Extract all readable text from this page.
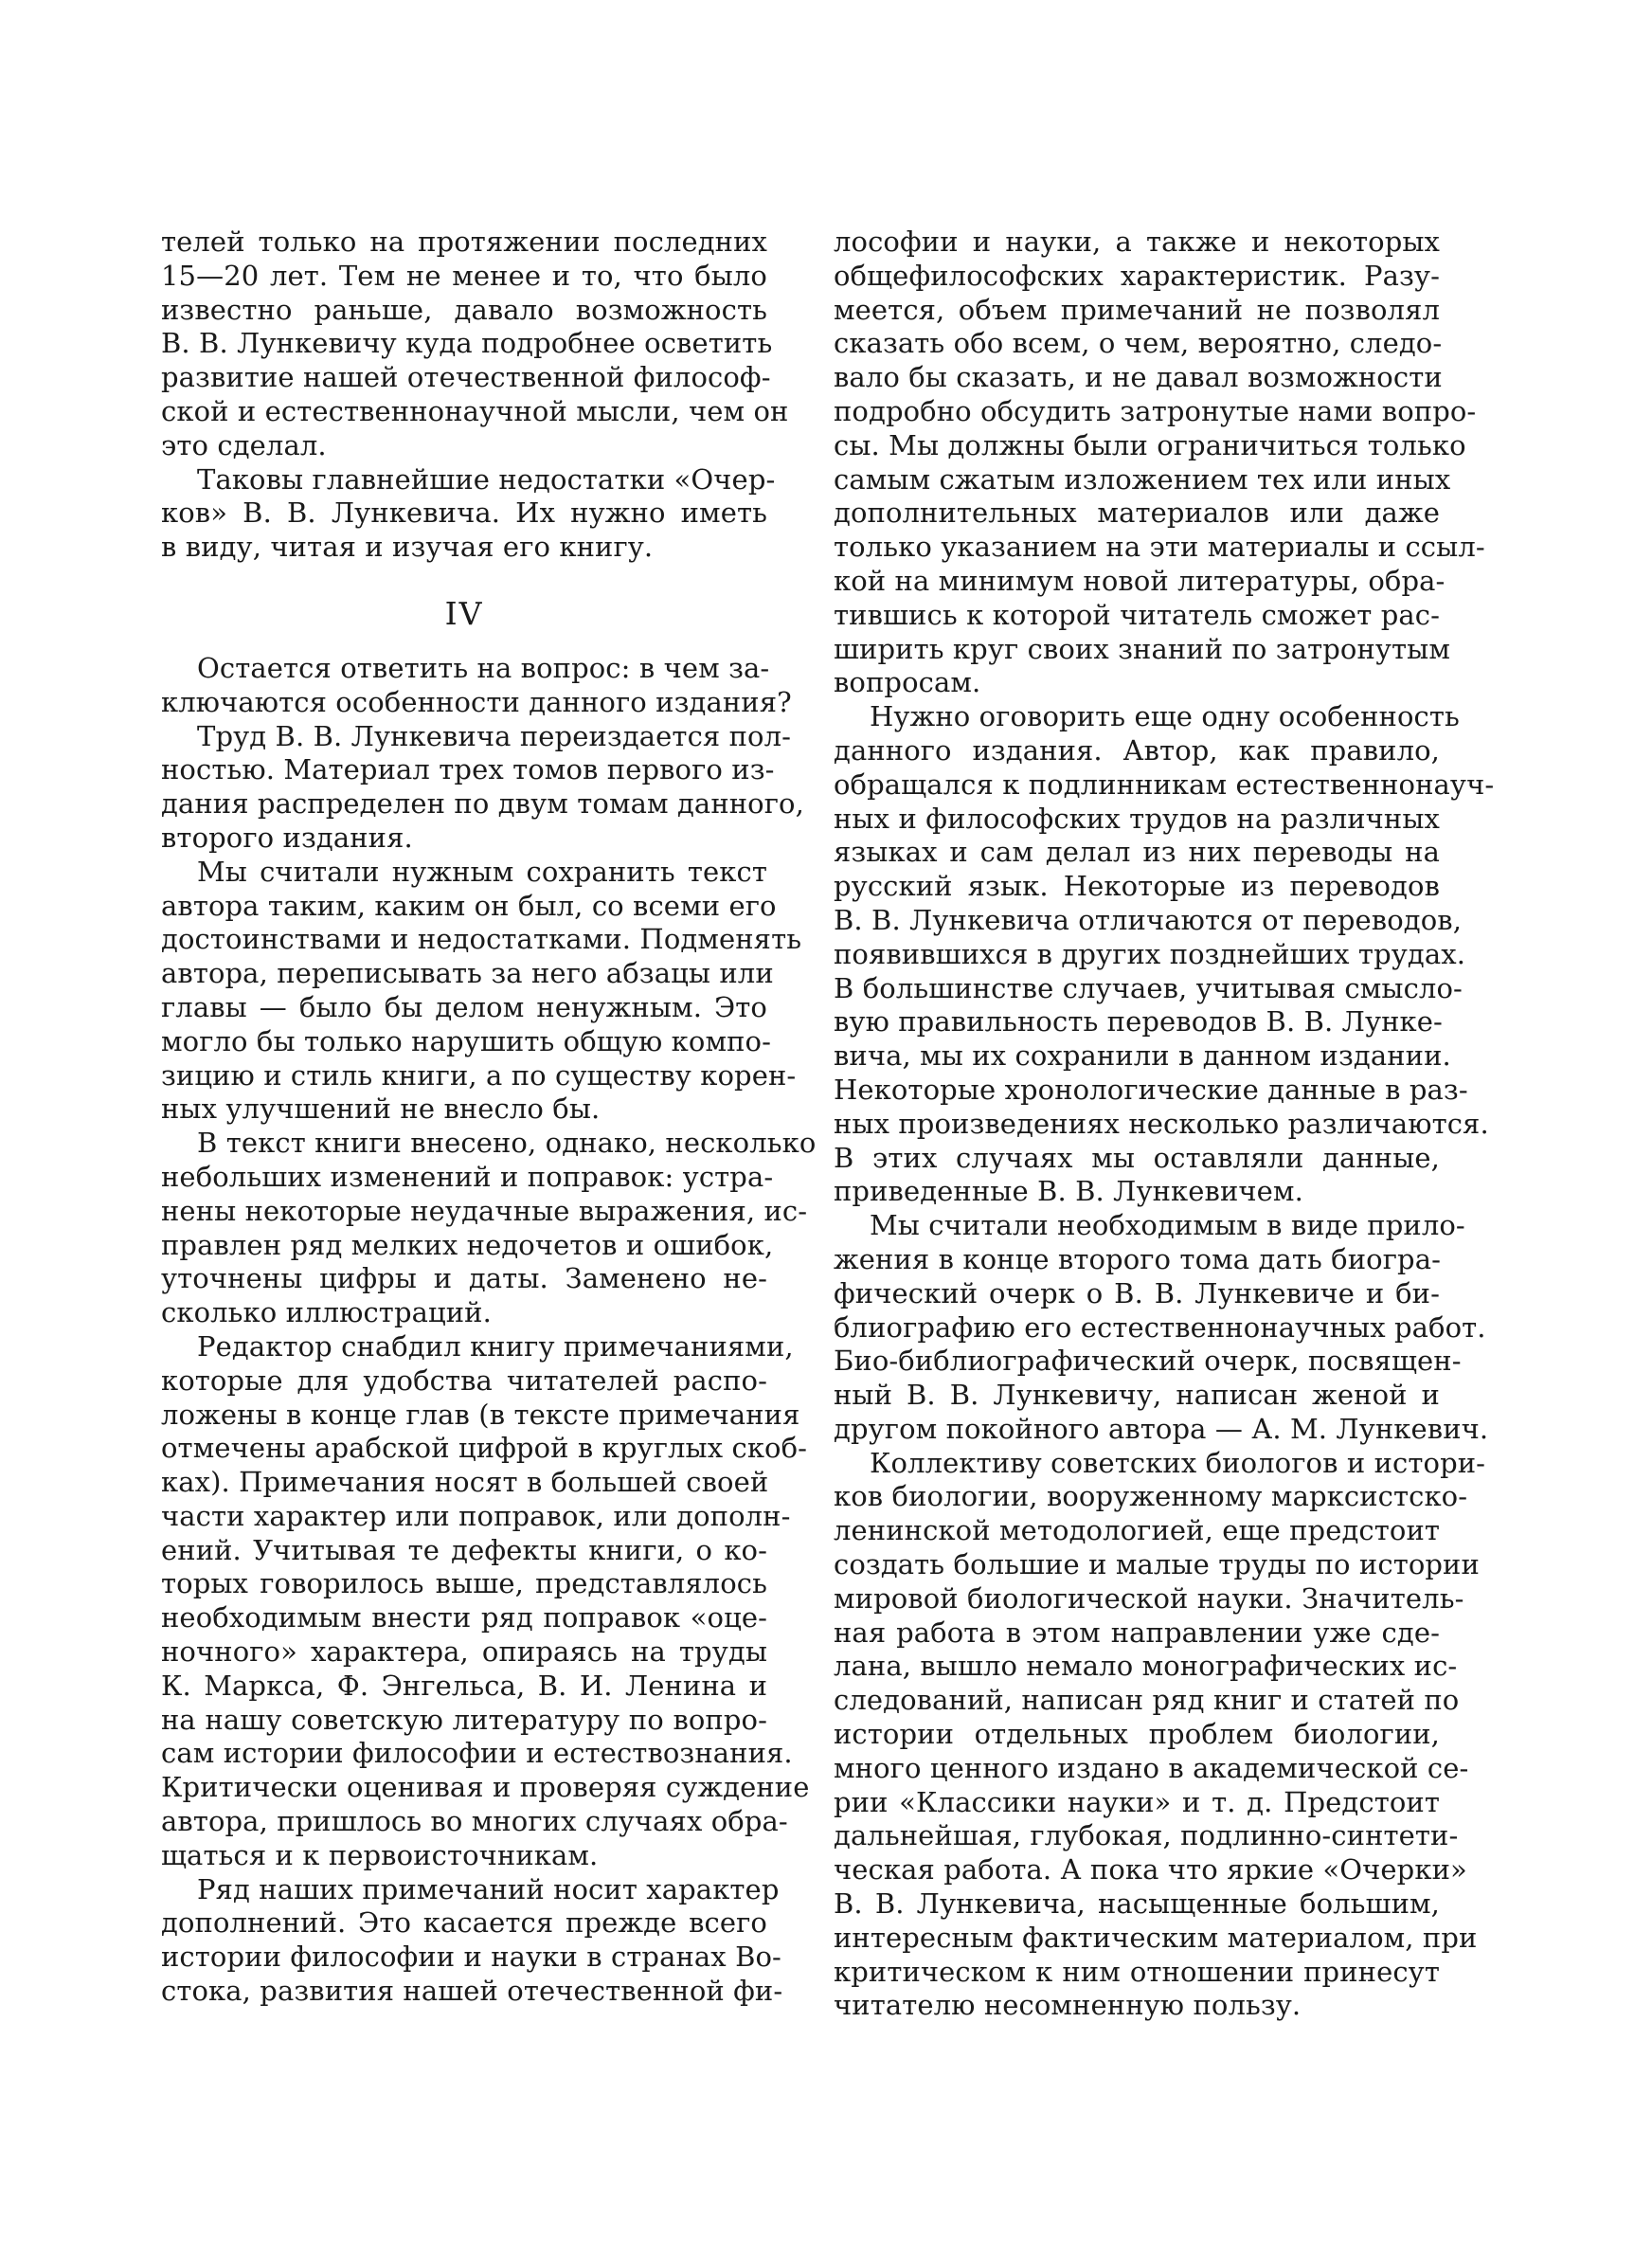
телей только на протяжении последних
15—20 лет. Тем не менее и то, что было
известно раньше, давало возможность
В. В. Лункевичу куда подробнее осветить
развитие нашей отечественной философ-
ской и естественнонаучной мысли, чем он
это сделал.
Таковы главнейшие недостатки «Очер-
ков» В. В. Лункевича. Их нужно иметь
в виду, читая и изучая его книгу.
IV
Остается ответить на вопрос: в чем за-
ключаются особенности данного издания?
Труд В. В. Лункевича переиздается пол-
ностью. Материал трех томов первого из-
дания распределен по двум томам данного,
второго издания.
Мы считали нужным сохранить текст
автора таким, каким он был, со всеми его
достоинствами и недостатками. Подменять
автора, переписывать за него абзацы или
главы — было бы делом ненужным. Это
могло бы только нарушить общую компо-
зицию и стиль книги, а по существу корен-
ных улучшений не внесло бы.
В текст книги внесено, однако, несколько
небольших изменений и поправок: устра-
нены некоторые неудачные выражения, ис-
правлен ряд мелких недочетов и ошибок,
уточнены цифры и даты. Заменено не-
сколько иллюстраций.
Редактор снабдил книгу примечаниями,
которые для удобства читателей распо-
ложены в конце глав (в тексте примечания
отмечены арабской цифрой в круглых скоб-
ках). Примечания носят в большей своей
части характер или поправок, или дополн-
ений. Учитывая те дефекты книги, о ко-
торых говорилось выше, представлялось
необходимым внести ряд поправок «оце-
ночного» характера, опираясь на труды
К. Маркса, Ф. Энгельса, В. И. Ленина и
на нашу советскую литературу по вопро-
сам истории философии и естествознания.
Критически оценивая и проверяя суждение
автора, пришлось во многих случаях обра-
щаться и к первоисточникам.
Ряд наших примечаний носит характер
дополнений. Это касается прежде всего
истории философии и науки в странах Во-
стока, развития нашей отечественной фи-
лософии и науки, а также и некоторых
общефилософских характеристик. Разу-
меется, объем примечаний не позволял
сказать обо всем, о чем, вероятно, следо-
вало бы сказать, и не давал возможности
подробно обсудить затронутые нами вопро-
сы. Мы должны были ограничиться только
самым сжатым изложением тех или иных
дополнительных материалов или даже
только указанием на эти материалы и ссыл-
кой на минимум новой литературы, обра-
тившись к которой читатель сможет рас-
ширить круг своих знаний по затронутым
вопросам.
Нужно оговорить еще одну особенность
данного издания. Автор, как правило,
обращался к подлинникам естественнонауч-
ных и философских трудов на различных
языках и сам делал из них переводы на
русский язык. Некоторые из переводов
В. В. Лункевича отличаются от переводов,
появившихся в других позднейших трудах.
В большинстве случаев, учитывая смысло-
вую правильность переводов В. В. Лунке-
вича, мы их сохранили в данном издании.
Некоторые хронологические данные в раз-
ных произведениях несколько различаются.
В этих случаях мы оставляли данные,
приведенные В. В. Лункевичем.
Мы считали необходимым в виде прило-
жения в конце второго тома дать биогра-
фический очерк о В. В. Лункевиче и би-
блиографию его естественнонаучных работ.
Био-библиографический очерк, посвящен-
ный В. В. Лункевичу, написан женой и
другом покойного автора — А. М. Лункевич.
Коллективу советских биологов и истори-
ков биологии, вооруженному марксистско-
ленинской методологией, еще предстоит
создать большие и малые труды по истории
мировой биологической науки. Значитель-
ная работа в этом направлении уже сде-
лана, вышло немало монографических ис-
следований, написан ряд книг и статей по
истории отдельных проблем биологии,
много ценного издано в академической се-
рии «Классики науки» и т. д. Предстоит
дальнейшая, глубокая, подлинно-синтети-
ческая работа. А пока что яркие «Очерки»
В. В. Лункевича, насыщенные большим,
интересным фактическим материалом, при
критическом к ним отношении принесут
читателю несомненную пользу.
